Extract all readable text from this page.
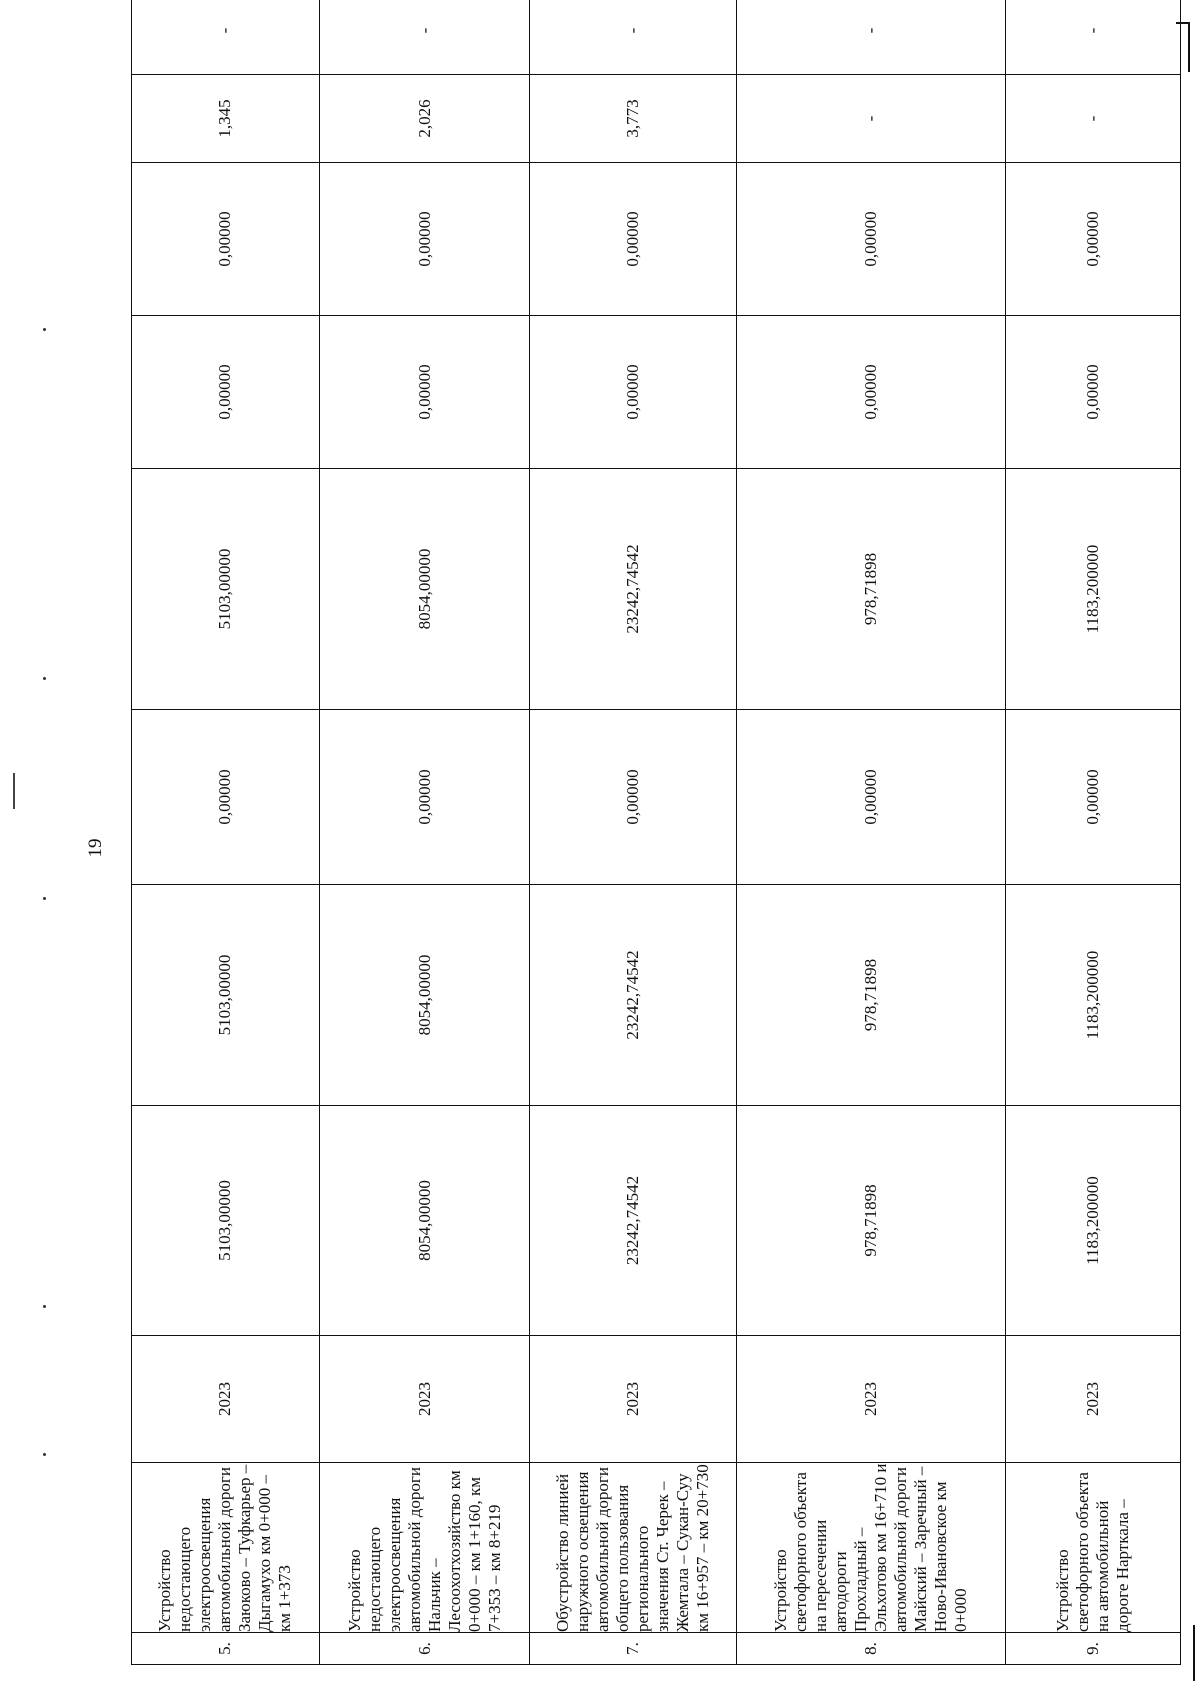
19
5.	Устройство недостающего электроосвещения автомобильной дороги Заюково – Туфкарьер – Дыгамухо км 0+000 – км 1+373	2023	5103,00000	5103,00000	0,00000	5103,00000	0,00000	0,00000	1,345	-	
6.	Устройство недостающего электроосвещения автомобильной дороги Нальчик – Лесоохотхозяйство км 0+000 – км 1+160, км 7+353 – км 8+219	2023	8054,00000	8054,00000	0,00000	8054,00000	0,00000	0,00000	2,026	-	
7.	Обустройство линией наружного освещения автомобильной дороги общего пользования регионального значения Ст. Черек – Жемтала – Сукан-Суу км 16+957 – км 20+730	2023	23242,74542	23242,74542	0,00000	23242,74542	0,00000	0,00000	3,773	-	
8.	Устройство светофорного объекта на пересечении автодороги Прохладный – Эльхотово км 16+710 и автомобильной дороги Майский – Заречный – Ново-Ивановское км 0+000	2023	978,71898	978,71898	0,00000	978,71898	0,00000	0,00000	-	-	
9.	Устройство светофорного объекта на автомобильной дороге Нарткала –	2023	1183,200000	1183,200000	0,00000	1183,200000	0,00000	0,00000	-	-	
